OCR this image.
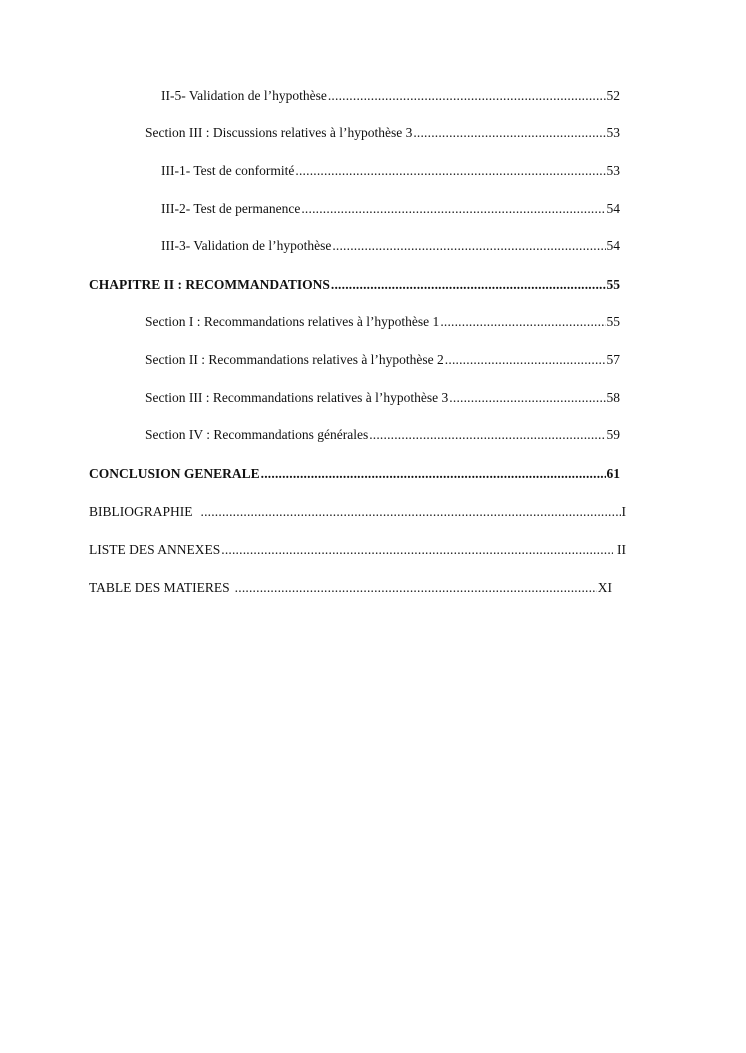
II-5- Validation de l’hypothèse .....	52
Section III : Discussions relatives à l’hypothèse 3 .....	53
III-1- Test de conformité .....	53
III-2- Test de permanence .....	54
III-3- Validation de l’hypothèse .....	54
CHAPITRE II : RECOMMANDATIONS .....	55
Section I : Recommandations relatives à l’hypothèse 1 .....	55
Section II : Recommandations relatives à l’hypothèse 2 .....	57
Section III : Recommandations relatives à l’hypothèse 3 .....	58
Section IV : Recommandations générales .....	59
CONCLUSION GENERALE .....	61
BIBLIOGRAPHIE .....	I
LISTE DES ANNEXES .....	II
TABLE DES MATIERES .....	XI
